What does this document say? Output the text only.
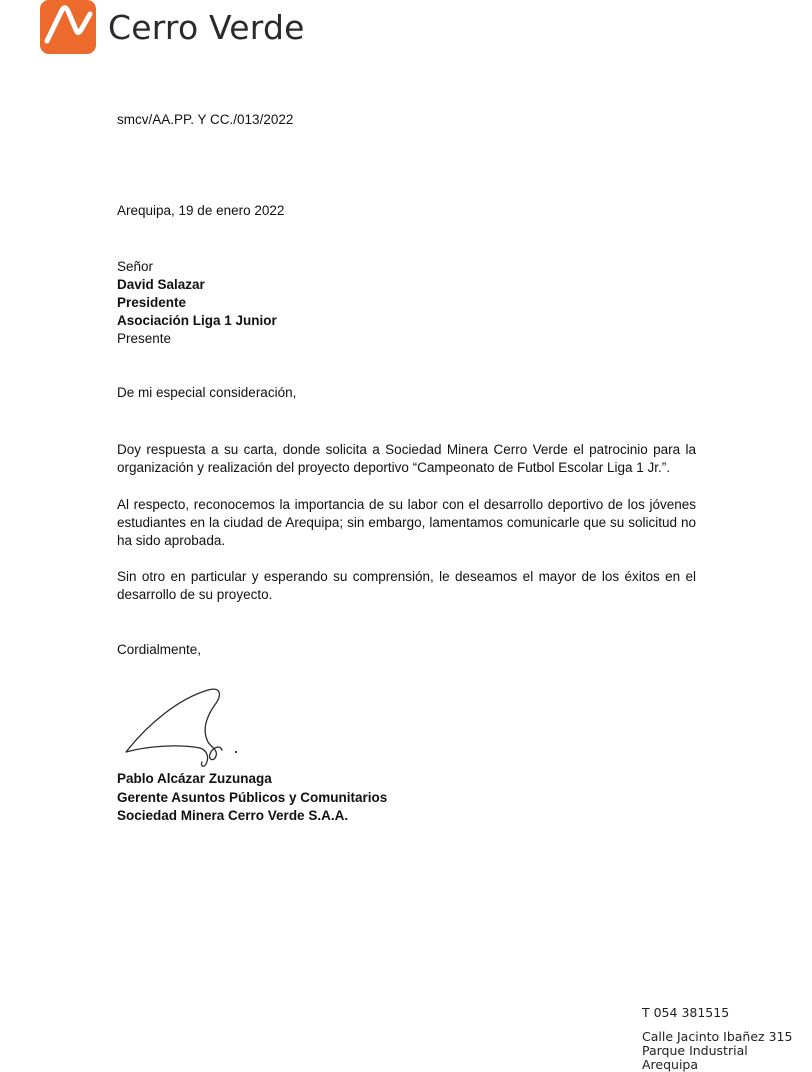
Cerro Verde
smcv/AA.PP. Y CC./013/2022
Arequipa, 19 de enero 2022
Señor
David Salazar
Presidente
Asociación Liga 1 Junior
Presente
De mi especial consideración,
Doy respuesta a su carta, donde solicita a Sociedad Minera Cerro Verde el patrocinio para la organización y realización del proyecto deportivo “Campeonato de Futbol Escolar Liga 1 Jr.”.
Al respecto, reconocemos la importancia de su labor con el desarrollo deportivo de los jóvenes estudiantes en la ciudad de Arequipa; sin embargo, lamentamos comunicarle que su solicitud no ha sido aprobada.
Sin otro en particular y esperando su comprensión, le deseamos el mayor de los éxitos en el desarrollo de su proyecto.
Cordialmente,
Pablo Alcázar Zuzunaga
Gerente Asuntos Públicos y Comunitarios
Sociedad Minera Cerro Verde S.A.A.
T 054 381515
Calle Jacinto Ibañez 315
Parque Industrial
Arequipa
